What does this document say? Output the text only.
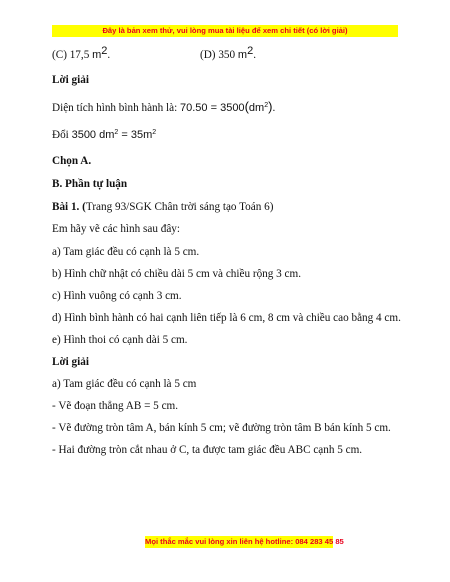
Đây là bản xem thử, vui lòng mua tài liệu để xem chi tiết (có lời giải)
(C) 17,5 $m^2$.	(D) 350 $m^2$.
Lời giải
Diện tích hình bình hành là: $70.50 = 3500(dm^2)$.
Đổi 3500 $dm^2 = 35m^2$
Chọn A.
B. Phần tự luận
Bài 1. (Trang 93/SGK Chân trời sáng tạo Toán 6)
Em hãy vẽ các hình sau đây:
a) Tam giác đều có cạnh là 5 cm.
b) Hình chữ nhật có chiều dài 5 cm và chiều rộng 3 cm.
c) Hình vuông có cạnh 3 cm.
d) Hình bình hành có hai cạnh liên tiếp là 6 cm, 8 cm và chiều cao bằng 4 cm.
e) Hình thoi có cạnh dài 5 cm.
Lời giải
a) Tam giác đều có cạnh là 5 cm
- Vẽ đoạn thẳng AB = 5 cm.
- Vẽ đường tròn tâm A, bán kính 5 cm; vẽ đường tròn tâm B bán kính 5 cm.
- Hai đường tròn cắt nhau ở C, ta được tam giác đều ABC cạnh 5 cm.
Mọi thắc mắc vui lòng xin liên hệ hotline: 084 283 45 85
